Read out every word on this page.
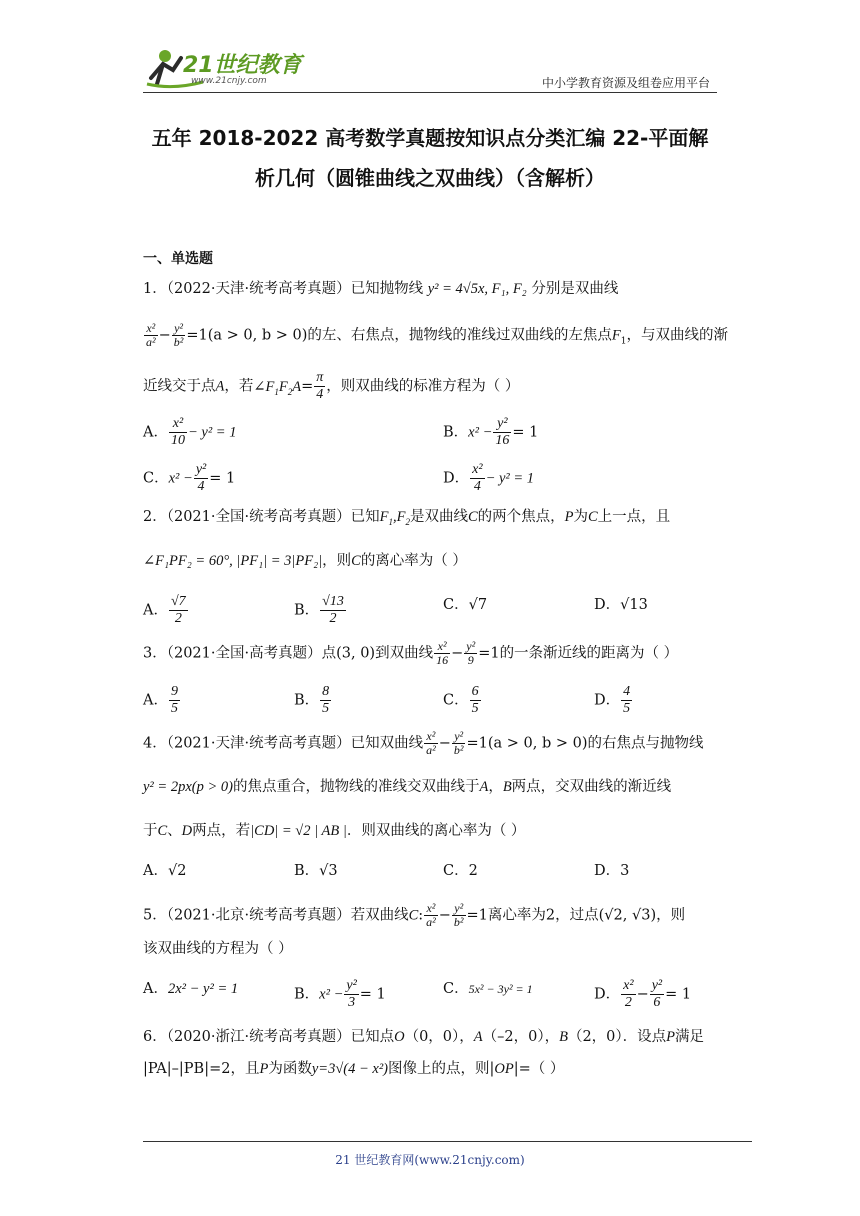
21世纪教育
www.21cnjy.com	中小学教育资源及组卷应用平台
五年 2018-2022 高考数学真题按知识点分类汇编 22-平面解
析几何（圆锥曲线之双曲线）（含解析）
一、单选题
1．（2022·天津·统考高考真题）已知抛物线 y² = 4√5x, F₁, F₂ 分别是双曲线
$\frac{\text{x²}}{\text{a²}} - \frac{\text{y²}}{\text{b²}} =1(a > 0$, b > 0)的左、右焦点，抛物线的准线过双曲线的左焦点$F_1$，与双曲线的渐
近线交于点A，若$\angle F_1F_2A= \frac{\pi}{4}$ ，则双曲线的标准方程为（ ）
A． $\frac{\text{x²}}{10} - y^2 = 1$	B．$x^2 - \frac{\text{y²}}{16} = 1$
C．$x^2 - \frac{\text{y²}}{4} = 1$	D． $\frac{\text{x²}}{4} - y^2 = 1$
2．（2021·全国·统考高考真题）已知$F_1,F_2$是双曲线C的两个焦点，P为C上一点，且
∠F₁PF₂ = 60°, |PF₁| = 3|PF₂|，则C的离心率为（ ）
A． $\frac{√7}{2}$	B． $\frac{√13}{2}$	C．√7	D．√13
3．（2021·全国·高考真题）点(3, 0)到双曲线 $\frac{\text{x²}}{16} - \frac{\text{y²}}{9} =1$的一条渐近线的距离为（ ）
A． $\frac{9}{5}$	B． $\frac{8}{5}$	C． $\frac{6}{5}$	D． $\frac{4}{5}$
4．（2021·天津·统考高考真题）已知双曲线 $\frac{\text{x²}}{\text{a²}} - \frac{\text{y²}}{\text{b²}} =1(a > 0$, b > 0)的右焦点与抛物线
y² = 2px(p > 0)的焦点重合，抛物线的准线交双曲线于A，B两点，交双曲线的渐近线
于C、D两点，若|CD| = √2 | AB |．则双曲线的离心率为（ ）
A．√2	B．√3	C．2	D．3
5．（2021·北京·统考高考真题）若双曲线C: $\frac{\text{x²}}{\text{a²}} - \frac{\text{y²}}{\text{b²}} =1$离心率为2，过点(√2, √3)，则
该双曲线的方程为（ ）
A．2x² − y² = 1	B．$x^2 - \frac{\text{y²}}{3} = 1$	C．5x² − 3y² = 1	D． $\frac{\text{x²}}{2} - \frac{\text{y²}}{6} = 1$
6．（2020·浙江·统考高考真题）已知点O（0，0），A（–2，0），B（2，0）．设点P满足
|PA|–|PB|=2，且P为函数y=3√(4 − x²)图像上的点，则|OP|=（ ）
21 世纪教育网(www.21cnjy.com)
